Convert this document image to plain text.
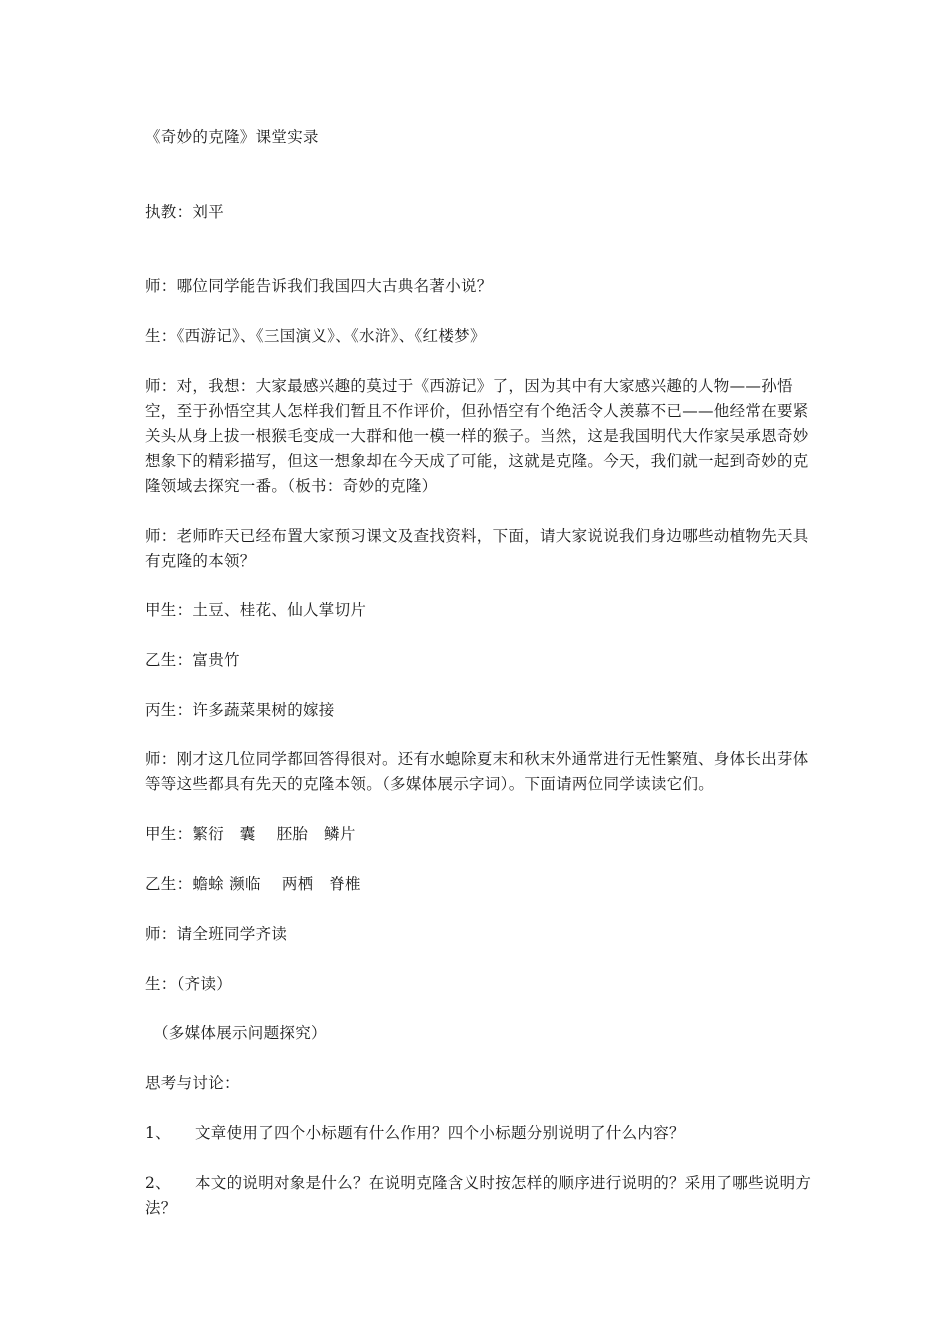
《奇妙的克隆》课堂实录

执教：刘平

师：哪位同学能告诉我们我国四大古典名著小说？

生：《西游记》、《三国演义》、《水浒》、《红楼梦》

师：对，我想：大家最感兴趣的莫过于《西游记》了，因为其中有大家感兴趣的人物——孙悟空，至于孙悟空其人怎样我们暂且不作评价，但孙悟空有个绝活令人羡慕不已——他经常在要紧关头从身上拔一根猴毛变成一大群和他一模一样的猴子。当然，这是我国明代大作家吴承恩奇妙想象下的精彩描写，但这一想象却在今天成了可能，这就是克隆。今天，我们就一起到奇妙的克隆领域去探究一番。（板书：奇妙的克隆）

师：老师昨天已经布置大家预习课文及查找资料，下面，请大家说说我们身边哪些动植物先天具有克隆的本领？

甲生：土豆、桂花、仙人掌切片

乙生：富贵竹

丙生：许多蔬菜果树的嫁接

师：刚才这几位同学都回答得很对。还有水螅除夏末和秋末外通常进行无性繁殖、身体长出芽体等等这些都具有先天的克隆本领。（多媒体展示字词）。下面请两位同学读读它们。

甲生：繁衍　囊　 胚胎　鳞片

乙生：蟾蜍 濒临　 两栖　脊椎

师：请全班同学齐读

生：（齐读）

（多媒体展示问题探究）

思考与讨论：

1、 文章使用了四个小标题有什么作用？四个小标题分别说明了什么内容？

2、 本文的说明对象是什么？在说明克隆含义时按怎样的顺序进行说明的？采用了哪些说明方法？
